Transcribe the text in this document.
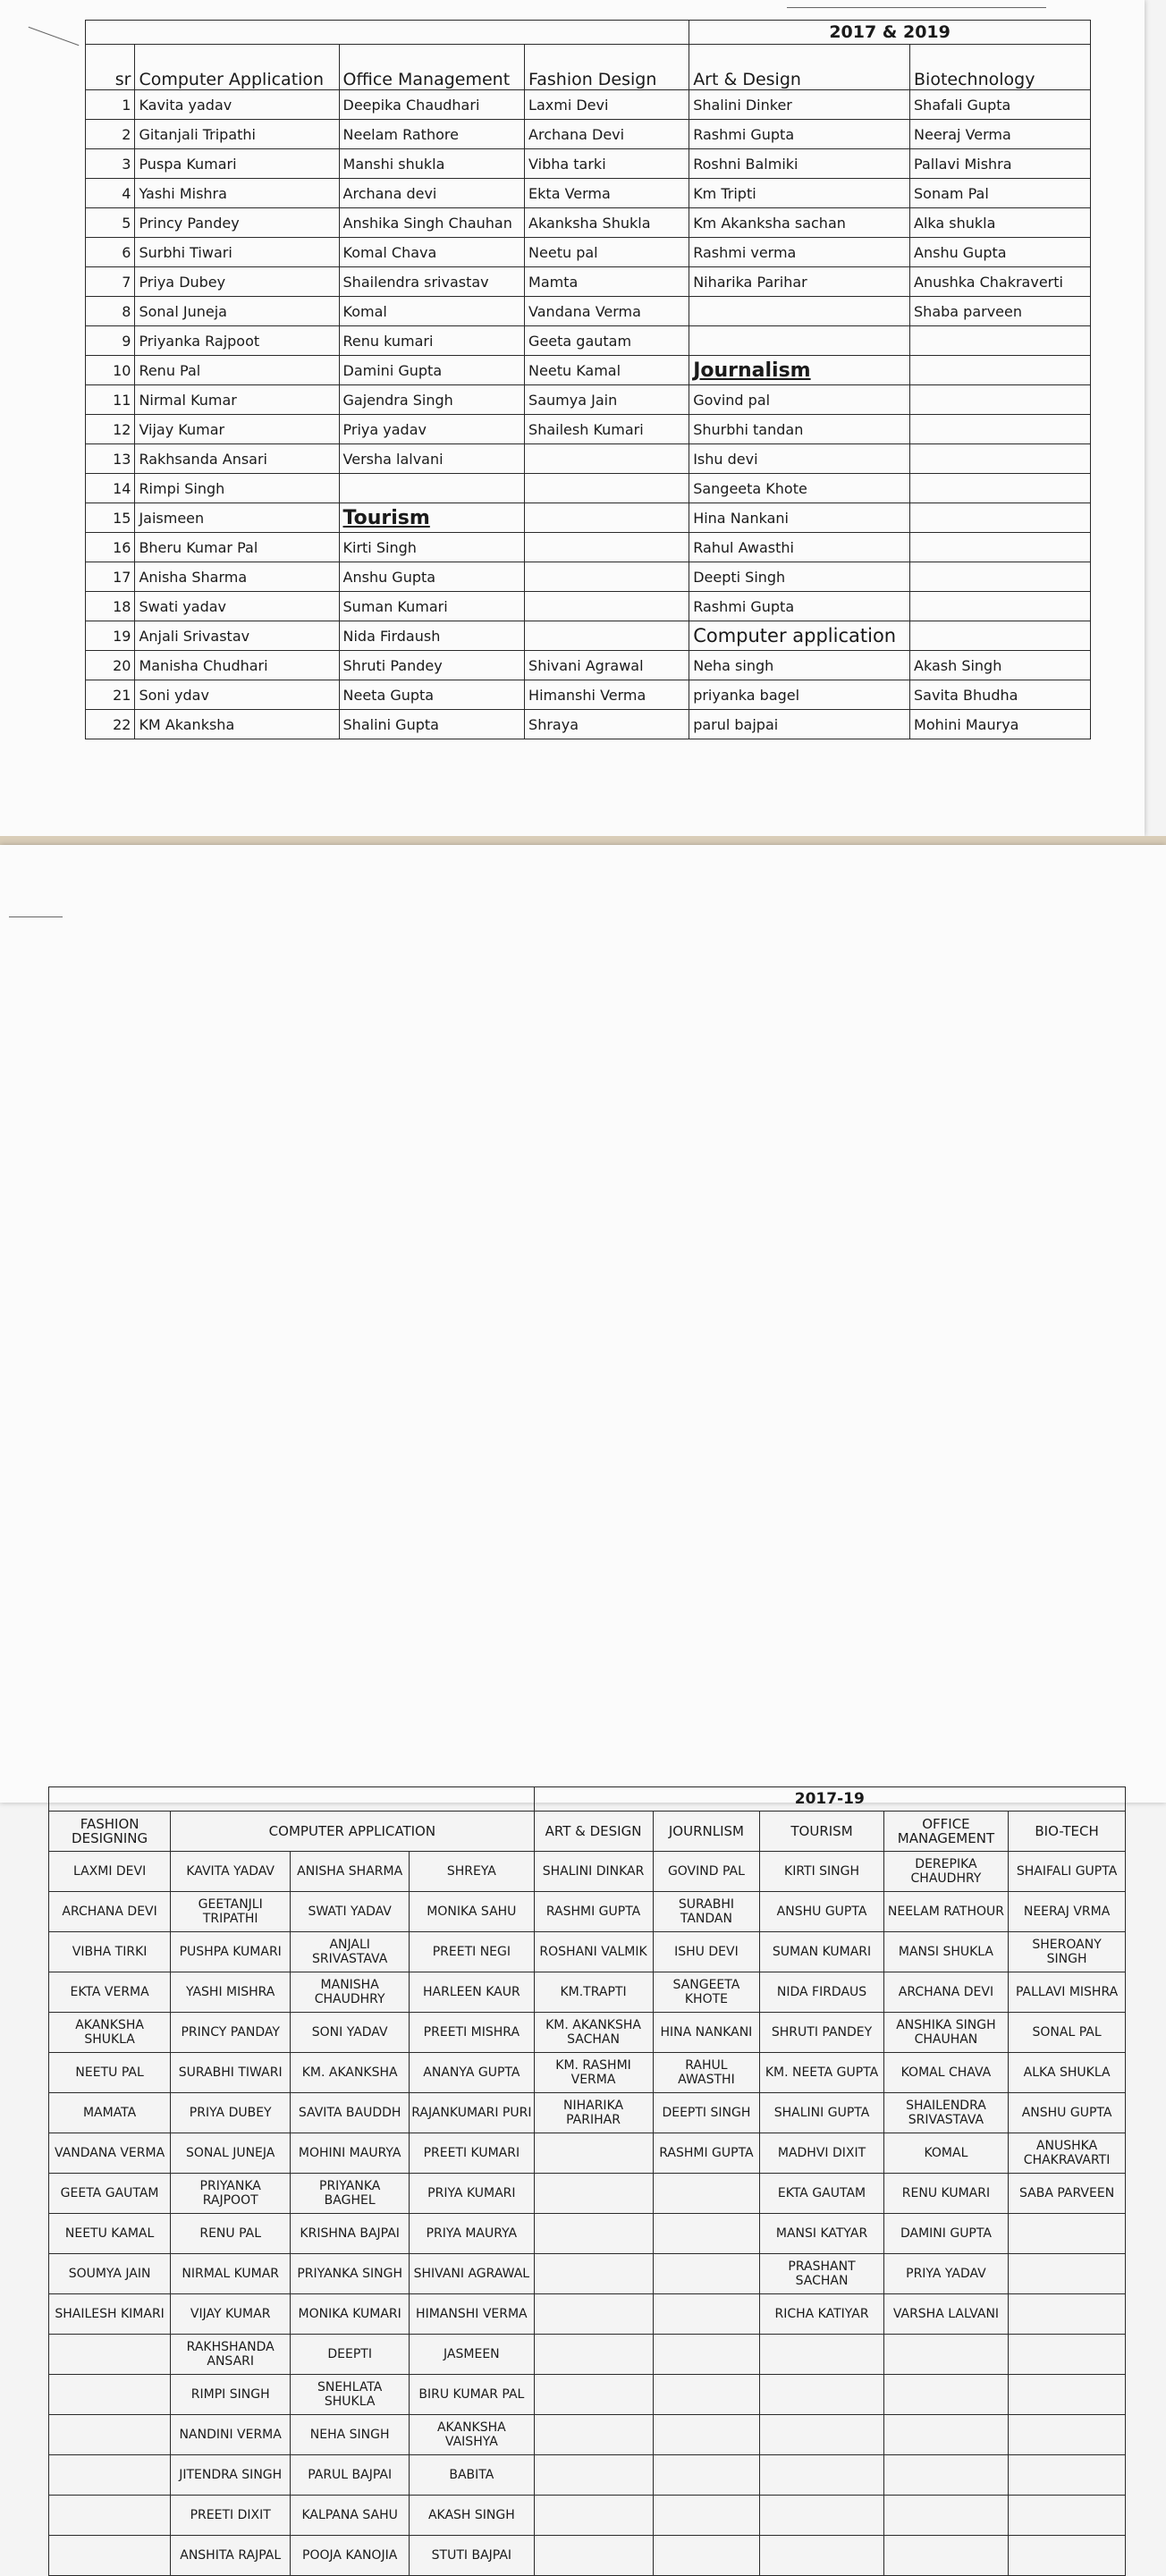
				2017 & 2019	
sr	Computer Application	Office Management	Fashion Design	Art & Design	Biotechnology
1	Kavita yadav	Deepika Chaudhari	Laxmi Devi	Shalini Dinker	Shafali Gupta
2	Gitanjali Tripathi	Neelam Rathore	Archana Devi	Rashmi Gupta	Neeraj Verma
3	Puspa Kumari	Manshi shukla	Vibha tarki	Roshni Balmiki	Pallavi Mishra
4	Yashi Mishra	Archana devi	Ekta Verma	Km Tripti	Sonam Pal
5	Princy Pandey	Anshika Singh Chauhan	Akanksha Shukla	Km Akanksha sachan	Alka shukla
6	Surbhi Tiwari	Komal Chava	Neetu pal	Rashmi verma	Anshu Gupta
7	Priya Dubey	Shailendra srivastav	Mamta	Niharika Parihar	Anushka Chakraverti
8	Sonal Juneja	Komal	Vandana Verma		Shaba parveen
9	Priyanka Rajpoot	Renu kumari	Geeta gautam		
10	Renu Pal	Damini Gupta	Neetu Kamal	Journalism	
11	Nirmal Kumar	Gajendra Singh	Saumya Jain	Govind pal	
12	Vijay Kumar	Priya yadav	Shailesh Kumari	Shurbhi tandan	
13	Rakhsanda Ansari	Versha lalvani		Ishu devi	
14	Rimpi Singh			Sangeeta Khote	
15	Jaismeen	Tourism		Hina Nankani	
16	Bheru Kumar Pal	Kirti Singh		Rahul Awasthi	
17	Anisha Sharma	Anshu Gupta		Deepti Singh	
18	Swati yadav	Suman Kumari		Rashmi Gupta	
19	Anjali Srivastav	Nida Firdaush		Computer application	
20	Manisha Chudhari	Shruti Pandey	Shivani Agrawal	Neha singh	Akash Singh
21	Soni ydav	Neeta Gupta	Himanshi Verma	priyanka bagel	Savita Bhudha
22	KM Akanksha	Shalini Gupta	Shraya	parul bajpai	Mohini Maurya
				2017-19				
FASHION DESIGNING	COMPUTER APPLICATION			ART & DESIGN	JOURNLISM	TOURISM	OFFICE MANAGEMENT	BIO-TECH
LAXMI DEVI	KAVITA YADAV	ANISHA SHARMA	SHREYA	SHALINI DINKAR	GOVIND PAL	KIRTI SINGH	DEREPIKA CHAUDHRY	SHAIFALI GUPTA
ARCHANA DEVI	GEETANJLI TRIPATHI	SWATI YADAV	MONIKA SAHU	RASHMI GUPTA	SURABHI TANDAN	ANSHU GUPTA	NEELAM RATHOUR	NEERAJ VRMA
VIBHA TIRKI	PUSHPA KUMARI	ANJALI SRIVASTAVA	PREETI NEGI	ROSHANI VALMIK	ISHU DEVI	SUMAN KUMARI	MANSI SHUKLA	SHEROANY SINGH
EKTA VERMA	YASHI MISHRA	MANISHA CHAUDHRY	HARLEEN KAUR	KM.TRAPTI	SANGEETA KHOTE	NIDA FIRDAUS	ARCHANA DEVI	PALLAVI MISHRA
AKANKSHA SHUKLA	PRINCY PANDAY	SONI YADAV	PREETI MISHRA	KM. AKANKSHA SACHAN	HINA NANKANI	SHRUTI PANDEY	ANSHIKA SINGH CHAUHAN	SONAL PAL
NEETU PAL	SURABHI TIWARI	KM. AKANKSHA	ANANYA GUPTA	KM. RASHMI VERMA	RAHUL AWASTHI	KM. NEETA GUPTA	KOMAL CHAVA	ALKA SHUKLA
MAMATA	PRIYA DUBEY	SAVITA BAUDDH	RAJANKUMARI PURI	NIHARIKA PARIHAR	DEEPTI SINGH	SHALINI GUPTA	SHAILENDRA SRIVASTAVA	ANSHU GUPTA
VANDANA VERMA	SONAL JUNEJA	MOHINI MAURYA	PREETI KUMARI		RASHMI GUPTA	MADHVI DIXIT	KOMAL	ANUSHKA CHAKRAVARTI
GEETA GAUTAM	PRIYANKA RAJPOOT	PRIYANKA BAGHEL	PRIYA KUMARI			EKTA GAUTAM	RENU KUMARI	SABA PARVEEN
NEETU KAMAL	RENU PAL	KRISHNA BAJPAI	PRIYA MAURYA			MANSI KATYAR	DAMINI GUPTA	
SOUMYA JAIN	NIRMAL KUMAR	PRIYANKA SINGH	SHIVANI AGRAWAL			PRASHANT SACHAN	PRIYA YADAV	
SHAILESH KIMARI	VIJAY KUMAR	MONIKA KUMARI	HIMANSHI VERMA			RICHA KATIYAR	VARSHA LALVANI	
	RAKHSHANDA ANSARI	DEEPTI	JASMEEN					
	RIMPI SINGH	SNEHLATA SHUKLA	BIRU KUMAR PAL					
	NANDINI VERMA	NEHA SINGH	AKANKSHA VAISHYA					
	JITENDRA SINGH	PARUL BAJPAI	BABITA					
	PREETI DIXIT	KALPANA SAHU	AKASH SINGH					
	ANSHITA RAJPAL	POOJA KANOJIA	STUTI BAJPAI					
